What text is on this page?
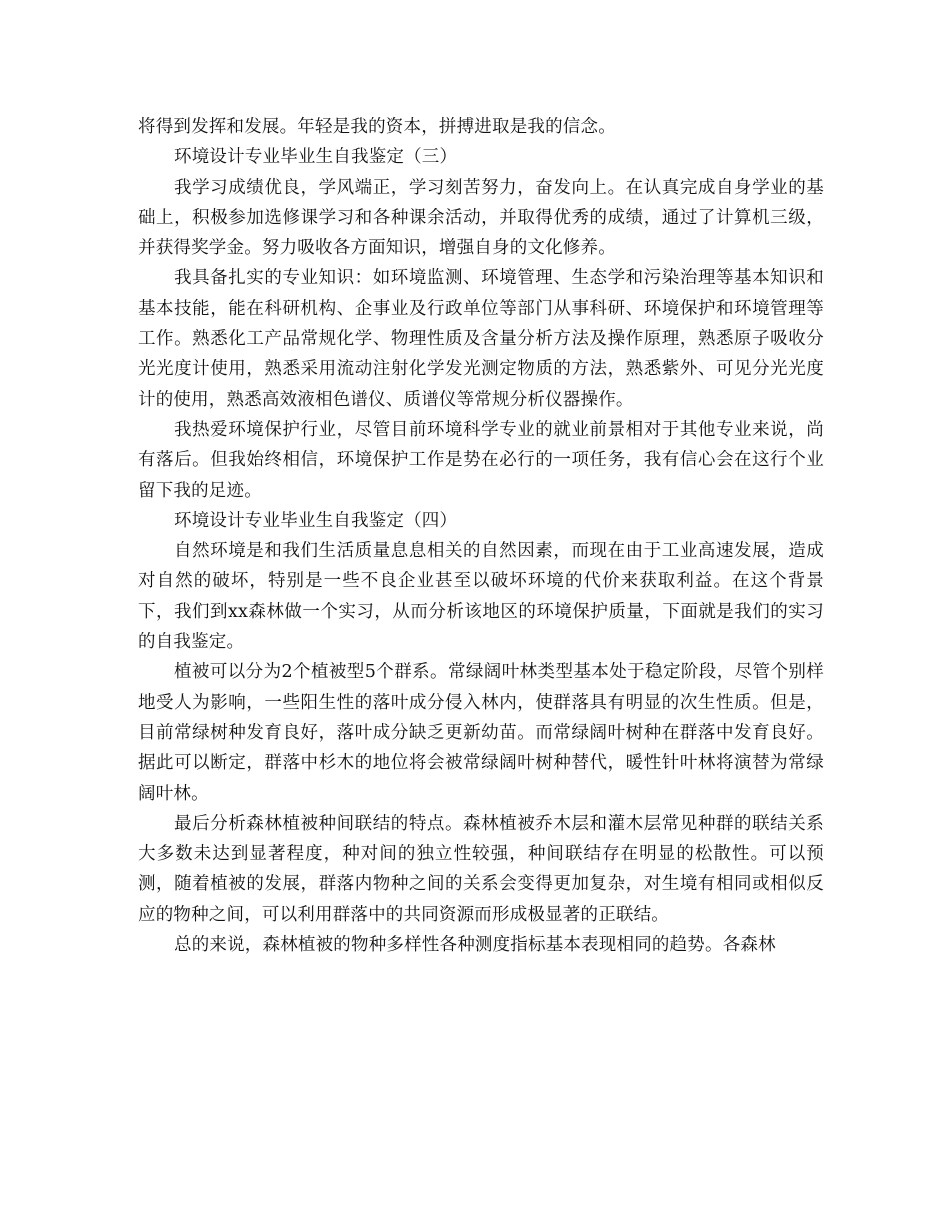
将得到发挥和发展。年轻是我的资本，拼搏进取是我的信念。

环境设计专业毕业生自我鉴定（三）

我学习成绩优良，学风端正，学习刻苦努力，奋发向上。在认真完成自身学业的基础上，积极参加选修课学习和各种课余活动，并取得优秀的成绩，通过了计算机三级，并获得奖学金。努力吸收各方面知识，增强自身的文化修养。

我具备扎实的专业知识：如环境监测、环境管理、生态学和污染治理等基本知识和基本技能，能在科研机构、企事业及行政单位等部门从事科研、环境保护和环境管理等工作。熟悉化工产品常规化学、物理性质及含量分析方法及操作原理，熟悉原子吸收分光光度计使用，熟悉采用流动注射化学发光测定物质的方法，熟悉紫外、可见分光光度计的使用，熟悉高效液相色谱仪、质谱仪等常规分析仪器操作。

我热爱环境保护行业，尽管目前环境科学专业的就业前景相对于其他专业来说，尚有落后。但我始终相信，环境保护工作是势在必行的一项任务，我有信心会在这行个业留下我的足迹。

环境设计专业毕业生自我鉴定（四）

自然环境是和我们生活质量息息相关的自然因素，而现在由于工业高速发展，造成对自然的破坏，特别是一些不良企业甚至以破坏环境的代价来获取利益。在这个背景下，我们到xx森林做一个实习，从而分析该地区的环境保护质量，下面就是我们的实习的自我鉴定。

植被可以分为2个植被型5个群系。常绿阔叶林类型基本处于稳定阶段，尽管个别样地受人为影响，一些阳生性的落叶成分侵入林内，使群落具有明显的次生性质。但是，目前常绿树种发育良好，落叶成分缺乏更新幼苗。而常绿阔叶树种在群落中发育良好。据此可以断定，群落中杉木的地位将会被常绿阔叶树种替代，暖性针叶林将演替为常绿阔叶林。

最后分析森林植被种间联结的特点。森林植被乔木层和灌木层常见种群的联结关系大多数未达到显著程度，种对间的独立性较强，种间联结存在明显的松散性。可以预测，随着植被的发展，群落内物种之间的关系会变得更加复杂，对生境有相同或相似反应的物种之间，可以利用群落中的共同资源而形成极显著的正联结。

总的来说，森林植被的物种多样性各种测度指标基本表现相同的趋势。各森林
